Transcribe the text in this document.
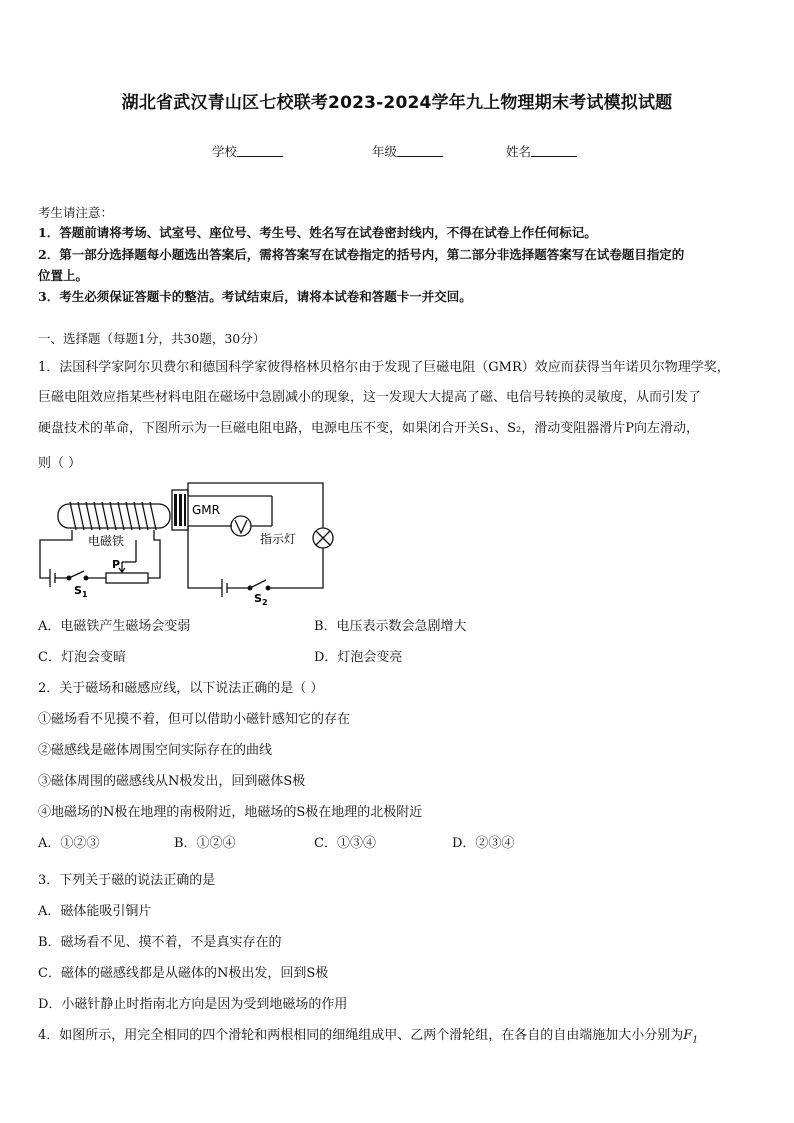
湖北省武汉青山区七校联考2023-2024学年九上物理期末考试模拟试题
学校	年级	姓名
考生请注意：
1．答题前请将考场、试室号、座位号、考生号、姓名写在试卷密封线内，不得在试卷上作任何标记。
2．第一部分选择题每小题选出答案后，需将答案写在试卷指定的括号内，第二部分非选择题答案写在试卷题目指定的
位置上。
3．考生必须保证答题卡的整洁。考试结束后，请将本试卷和答题卡一并交回。
一、选择题（每题1分，共30题，30分）
1．法国科学家阿尔贝费尔和德国科学家彼得格林贝格尔由于发现了巨磁电阻（GMR）效应而获得当年诺贝尔物理学奖，
巨磁电阻效应指某些材料电阻在磁场中急剧减小的现象，这一发现大大提高了磁、电信号转换的灵敏度，从而引发了
硬盘技术的革命，下图所示为一巨磁电阻电路，电源电压不变，如果闭合开关S₁、S₂，滑动变阻器滑片P向左滑动，
则（ ）
电磁铁
GMR
指示灯
P
$S_1$	$S_2$
A．电磁铁产生磁场会变弱	B．电压表示数会急剧增大
C．灯泡会变暗	D．灯泡会变亮
2．关于磁场和磁感应线，以下说法正确的是（ ）
①磁场看不见摸不着，但可以借助小磁针感知它的存在
②磁感线是磁体周围空间实际存在的曲线
③磁体周围的磁感线从N极发出，回到磁体S极
④地磁场的N极在地理的南极附近，地磁场的S极在地理的北极附近
A．①②③	B．①②④	C．①③④	D．②③④
3．下列关于磁的说法正确的是
A．磁体能吸引铜片
B．磁场看不见、摸不着，不是真实存在的
C．磁体的磁感线都是从磁体的N极出发，回到S极
D．小磁针静止时指南北方向是因为受到地磁场的作用
4．如图所示，用完全相同的四个滑轮和两根相同的细绳组成甲、乙两个滑轮组，在各自的自由端施加大小分别为$F_1$
